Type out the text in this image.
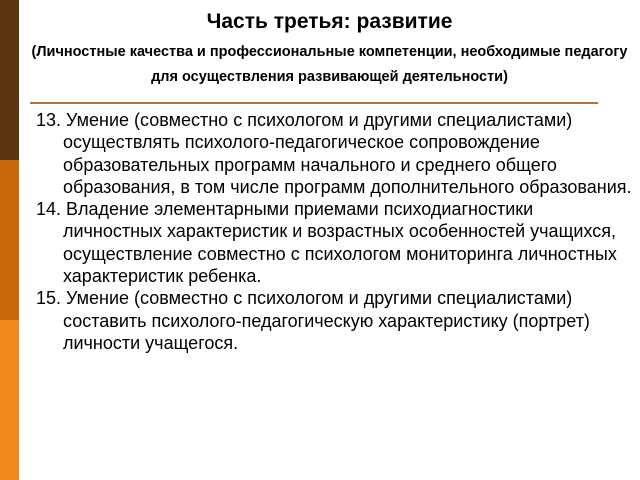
Часть третья: развитие

(Личностные качества и профессиональные компетенции, необходимые педагогу для осуществления развивающей деятельности)

13. Умение (совместно с психологом и другими специалистами) осуществлять психолого-педагогическое сопровождение образовательных программ начального и среднего общего образования, в том числе программ дополнительного образования.
14. Владение элементарными приемами психодиагностики личностных характеристик и возрастных особенностей учащихся, осуществление совместно с психологом мониторинга личностных характеристик ребенка.
15. Умение (совместно с психологом и другими специалистами) составить психолого-педагогическую характеристику (портрет) личности учащегося.
